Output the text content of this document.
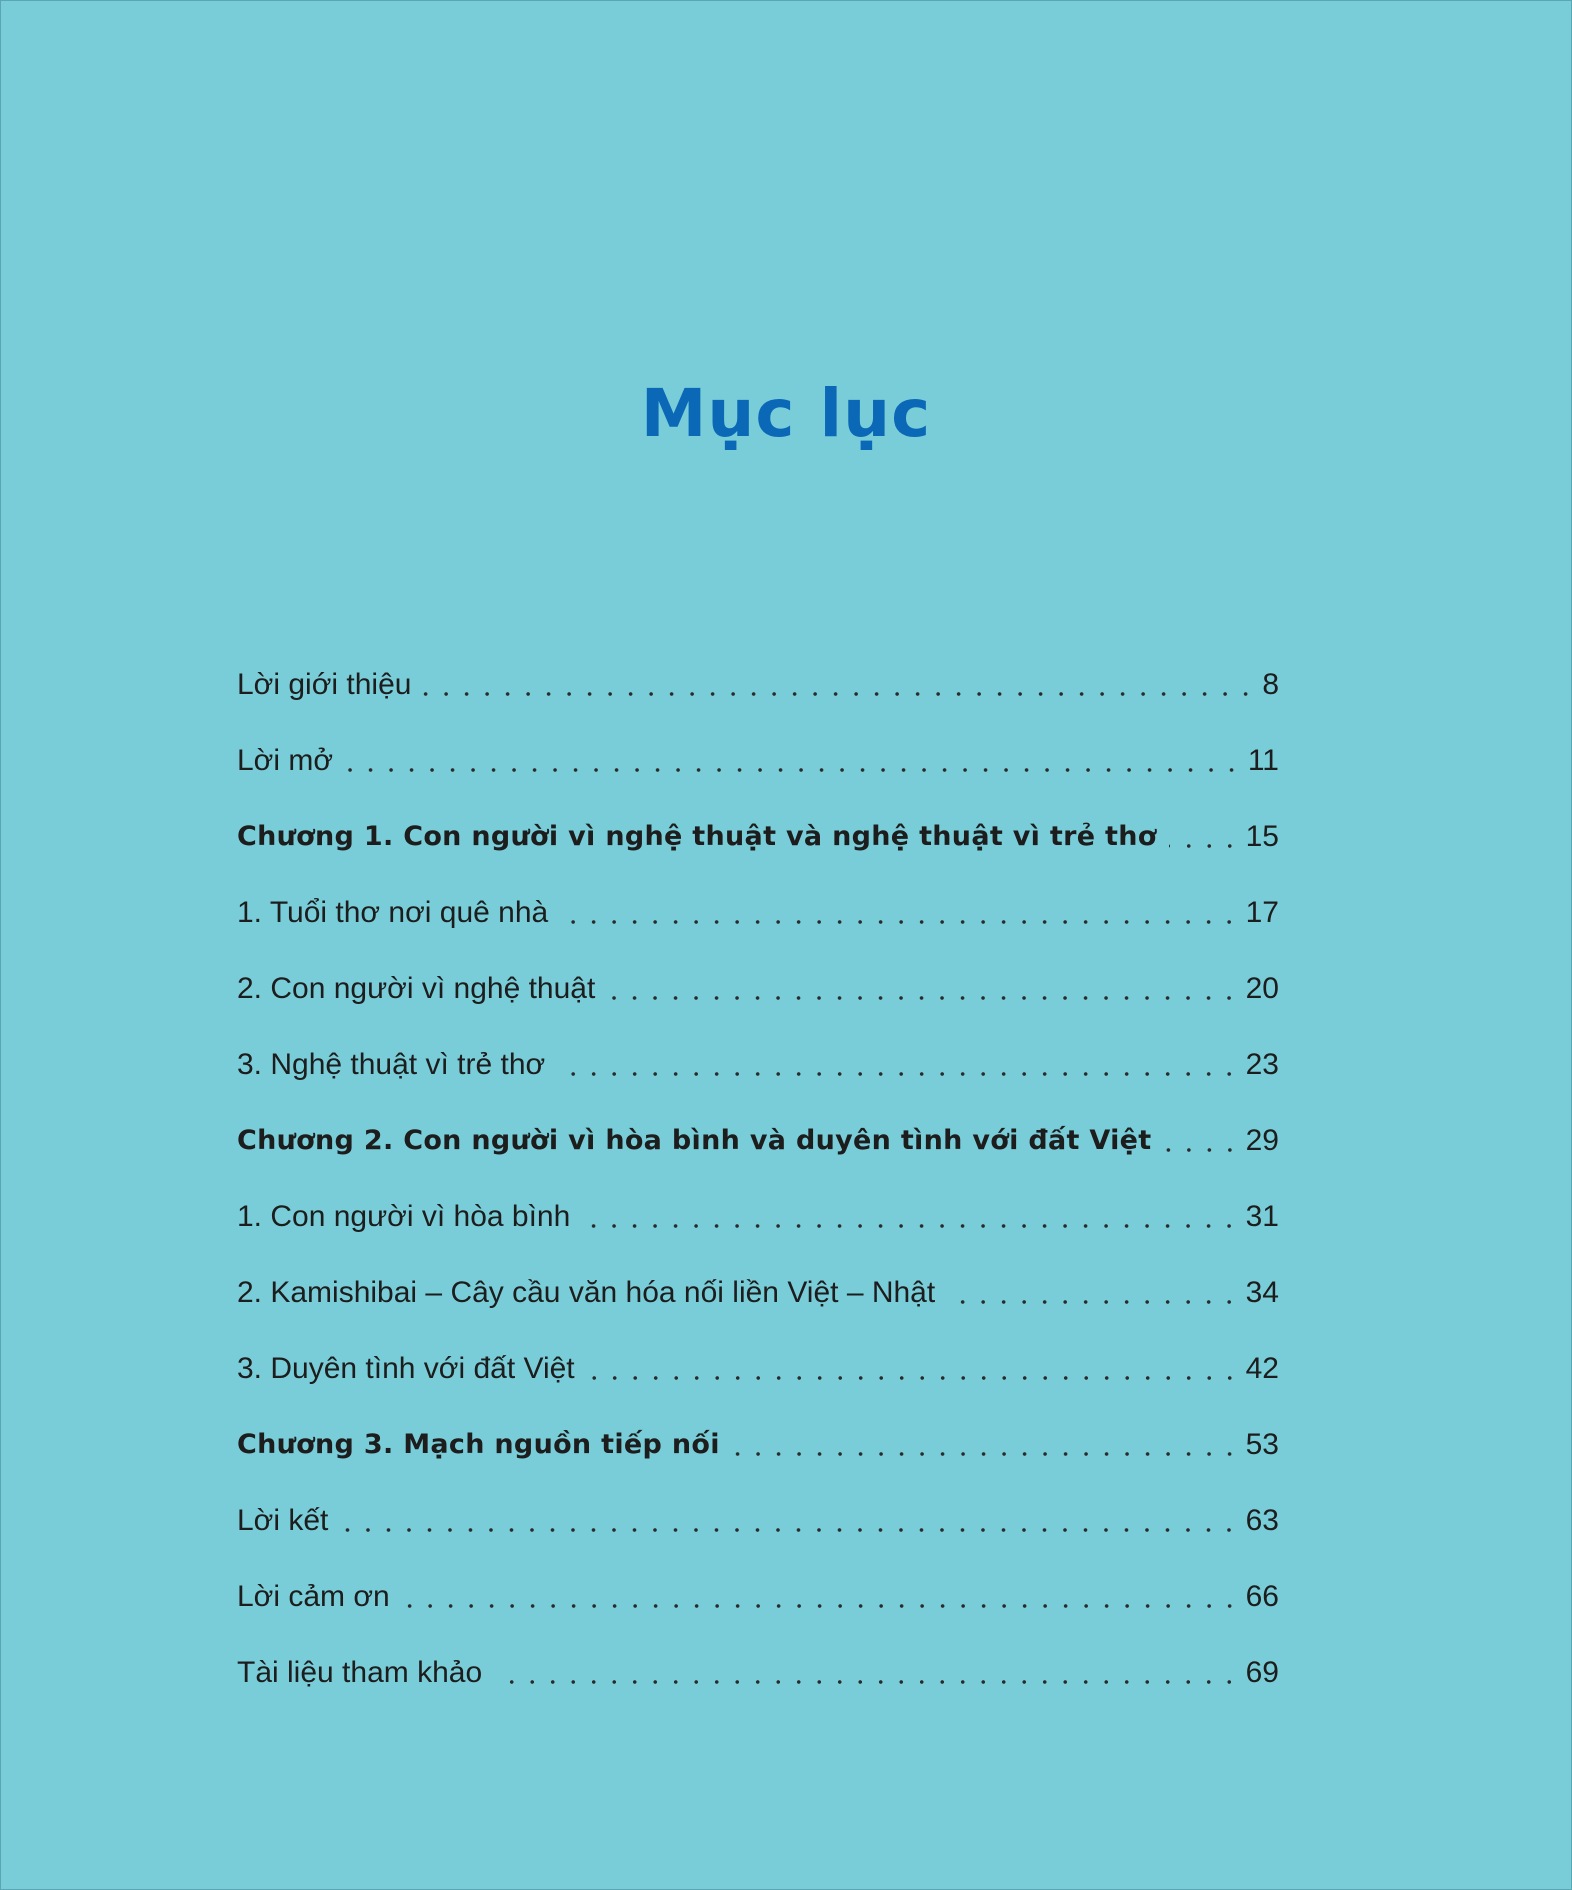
Mục lục
Lời giới thiệu	8
Lời mở	11
Chương 1. Con người vì nghệ thuật và nghệ thuật vì trẻ thơ	15
1. Tuổi thơ nơi quê nhà	17
2. Con người vì nghệ thuật	20
3. Nghệ thuật vì trẻ thơ	23
Chương 2. Con người vì hòa bình và duyên tình với đất Việt	29
1. Con người vì hòa bình	31
2. Kamishibai – Cây cầu văn hóa nối liền Việt – Nhật	34
3. Duyên tình với đất Việt	42
Chương 3. Mạch nguồn tiếp nối	53
Lời kết	63
Lời cảm ơn	66
Tài liệu tham khảo	69
